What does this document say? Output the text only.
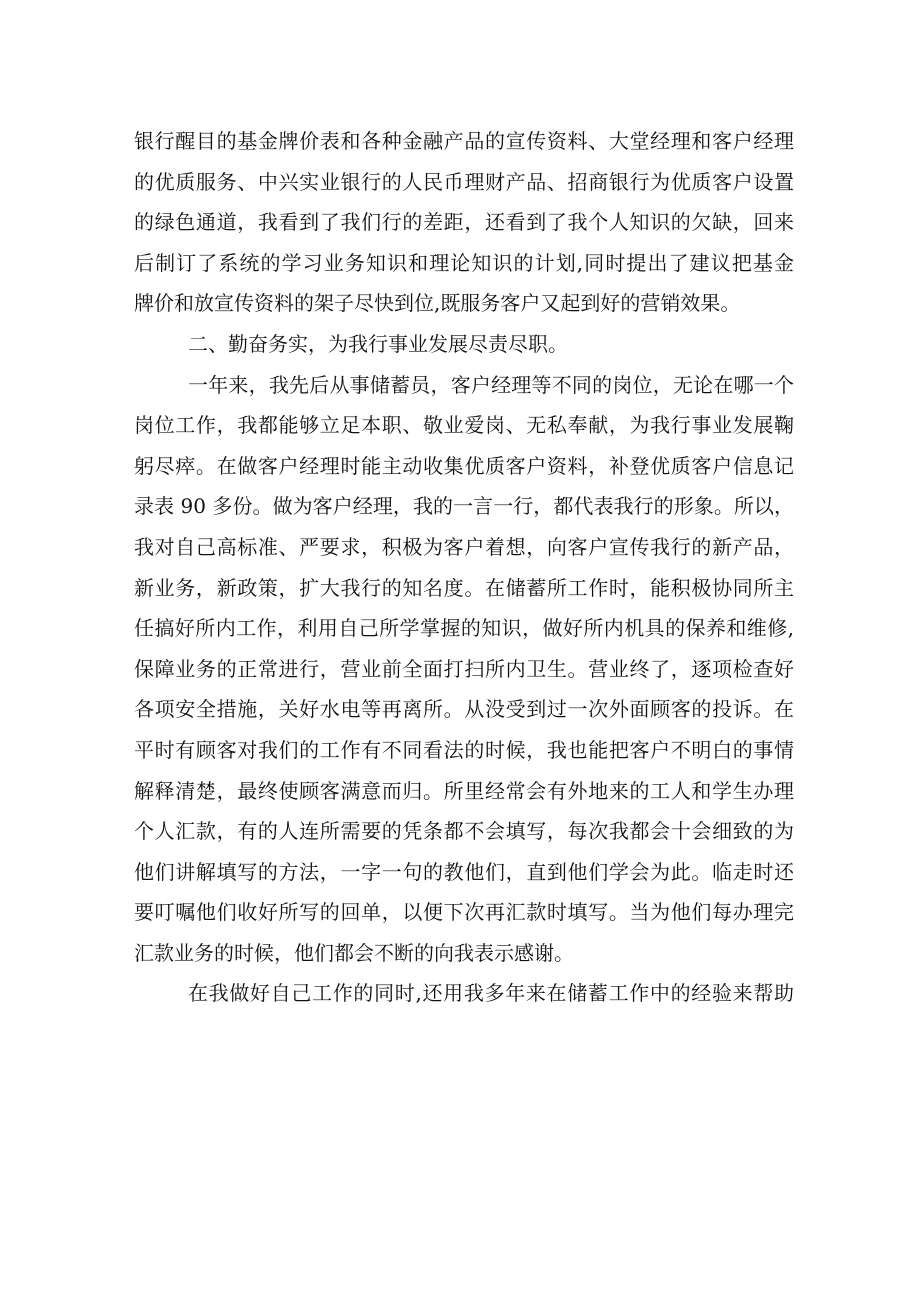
银行醒目的基金牌价表和各种金融产品的宣传资料、大堂经理和客户经理
的优质服务、中兴实业银行的人民币理财产品、招商银行为优质客户设置
的绿色通道，我看到了我们行的差距，还看到了我个人知识的欠缺，回来
后制订了系统的学习业务知识和理论知识的计划,同时提出了建议把基金
牌价和放宣传资料的架子尽快到位,既服务客户又起到好的营销效果。
二、勤奋务实，为我行事业发展尽责尽职。
一年来，我先后从事储蓄员，客户经理等不同的岗位，无论在哪一个
岗位工作，我都能够立足本职、敬业爱岗、无私奉献，为我行事业发展鞠
躬尽瘁。在做客户经理时能主动收集优质客户资料，补登优质客户信息记
录表 90 多份。做为客户经理，我的一言一行，都代表我行的形象。所以，
我对自己高标准、严要求，积极为客户着想，向客户宣传我行的新产品，
新业务，新政策，扩大我行的知名度。在储蓄所工作时，能积极协同所主
任搞好所内工作，利用自己所学掌握的知识，做好所内机具的保养和维修,
保障业务的正常进行，营业前全面打扫所内卫生。营业终了，逐项检查好
各项安全措施，关好水电等再离所。从没受到过一次外面顾客的投诉。在
平时有顾客对我们的工作有不同看法的时候，我也能把客户不明白的事情
解释清楚，最终使顾客满意而归。所里经常会有外地来的工人和学生办理
个人汇款，有的人连所需要的凭条都不会填写，每次我都会十会细致的为
他们讲解填写的方法，一字一句的教他们，直到他们学会为此。临走时还
要叮嘱他们收好所写的回单，以便下次再汇款时填写。当为他们每办理完
汇款业务的时候，他们都会不断的向我表示感谢。
在我做好自己工作的同时,还用我多年来在储蓄工作中的经验来帮助
